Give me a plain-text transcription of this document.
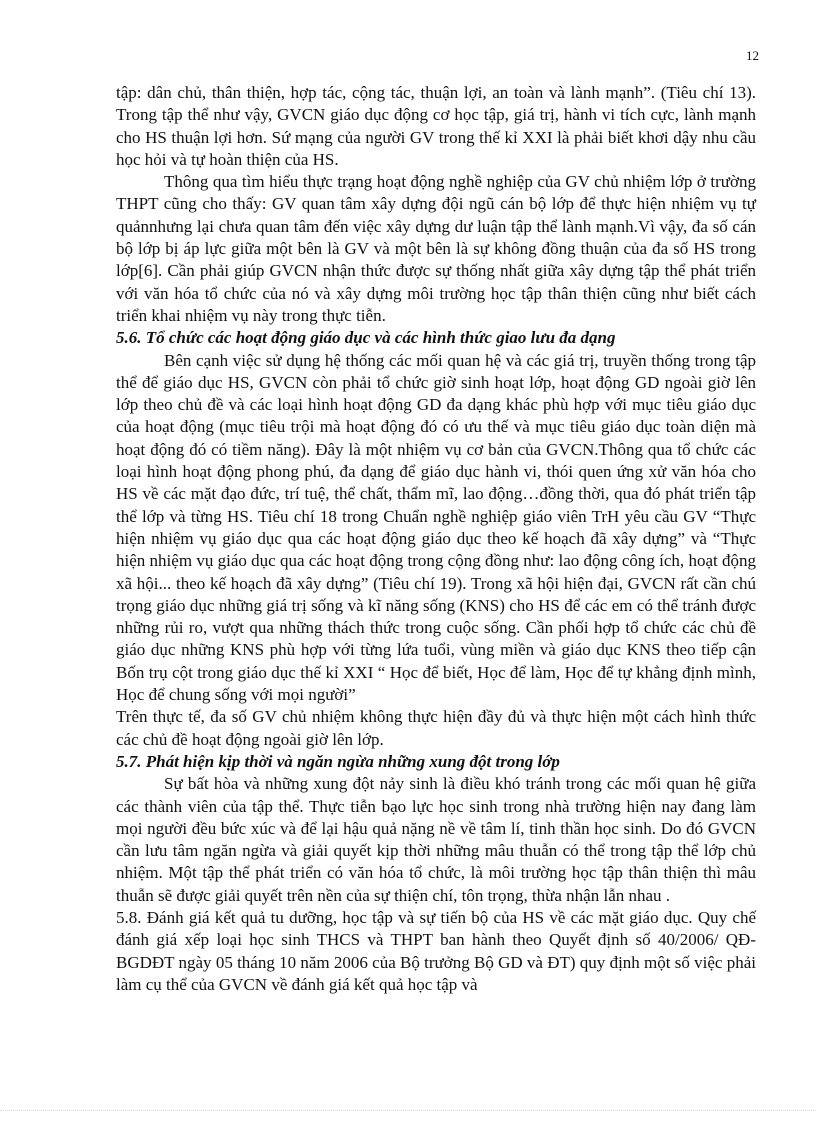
12

tập: dân chủ, thân thiện, hợp tác, cộng tác, thuận lợi, an toàn và lành mạnh”. (Tiêu chí 13). Trong tập thể như vậy, GVCN giáo dục động cơ học tập, giá trị, hành vi tích cực, lành mạnh cho HS thuận lợi hơn. Sứ mạng của người GV trong thế kỉ XXI là phải biết khơi dậy nhu cầu học hỏi và tự hoàn thiện của HS.

Thông qua tìm hiểu thực trạng hoạt động nghề nghiệp của GV chủ nhiệm lớp ở trường THPT cũng cho thấy: GV quan tâm xây dựng đội ngũ cán bộ lớp để thực hiện nhiệm vụ tự quảnnhưng lại chưa quan tâm đến việc xây dựng dư luận tập thể lành mạnh.Vì vậy, đa số cán bộ lớp bị áp lực giữa một bên là GV và một bên là sự không đồng thuận của đa số HS trong lớp[6]. Cần phải giúp GVCN nhận thức được sự thống nhất giữa xây dựng tập thể phát triển với văn hóa tổ chức của nó và xây dựng môi trường học tập thân thiện cũng như biết cách triển khai nhiệm vụ này trong thực tiễn.

5.6. Tổ chức các hoạt động giáo dục và các hình thức giao lưu đa dạng

Bên cạnh việc sử dụng hệ thống các mối quan hệ và các giá trị, truyền thống trong tập thể để giáo dục HS, GVCN còn phải tổ chức giờ sinh hoạt lớp, hoạt động GD ngoài giờ lên lớp theo chủ đề và các loại hình hoạt động GD đa dạng khác phù hợp với mục tiêu giáo dục của hoạt động (mục tiêu trội mà hoạt động đó có ưu thế và mục tiêu giáo dục toàn diện mà hoạt động đó có tiềm năng). Đây là một nhiệm vụ cơ bản của GVCN.Thông qua tổ chức các loại hình hoạt động phong phú, đa dạng để giáo dục hành vi, thói quen ứng xử văn hóa cho HS về các mặt đạo đức, trí tuệ, thể chất, thẩm mĩ, lao động…đồng thời, qua đó phát triển tập thể lớp và từng HS. Tiêu chí 18 trong Chuẩn nghề nghiệp giáo viên TrH yêu cầu GV “Thực hiện nhiệm vụ giáo dục qua các hoạt động giáo dục theo kế hoạch đã xây dựng” và “Thực hiện nhiệm vụ giáo dục qua các hoạt động trong cộng đồng như: lao động công ích, hoạt động xã hội... theo kế hoạch đã xây dựng” (Tiêu chí 19). Trong xã hội hiện đại, GVCN rất cần chú trọng giáo dục những giá trị sống và kĩ năng sống (KNS) cho HS để các em có thể tránh được những rủi ro, vượt qua những thách thức trong cuộc sống. Cần phối hợp tổ chức các chủ đề giáo dục những KNS phù hợp với từng lứa tuổi, vùng miền và giáo dục KNS theo tiếp cận Bốn trụ cột trong giáo dục thế kỉ XXI “ Học để biết, Học để làm, Học để tự khẳng định mình, Học để chung sống với mọi người”

Trên thực tế, đa số GV chủ nhiệm không thực hiện đầy đủ và thực hiện một cách hình thức các chủ đề hoạt động ngoài giờ lên lớp.

5.7. Phát hiện kịp thời và ngăn ngừa những xung đột trong lớp

Sự bất hòa và những xung đột nảy sinh là điều khó tránh trong các mối quan hệ giữa các thành viên của tập thể. Thực tiễn bạo lực học sinh trong nhà trường hiện nay đang làm mọi người đều bức xúc và để lại hậu quả nặng nề về tâm lí, tinh thần học sinh. Do đó GVCN cần lưu tâm ngăn ngừa và giải quyết kịp thời những mâu thuẫn có thể trong tập thể lớp chủ nhiệm. Một tập thể phát triển có văn hóa tổ chức, là môi trường học tập thân thiện thì mâu thuẫn sẽ được giải quyết trên nền của sự thiện chí, tôn trọng, thừa nhận lẫn nhau .

5.8. Đánh giá kết quả tu dưỡng, học tập và sự tiến bộ của HS về các mặt giáo dục. Quy chế đánh giá xếp loại học sinh THCS và THPT ban hành theo Quyết định số 40/2006/ QĐ-BGDĐT ngày 05 tháng 10 năm 2006 của Bộ trưởng Bộ GD và ĐT) quy định một số việc phải làm cụ thể của GVCN về đánh giá kết quả học tập và
